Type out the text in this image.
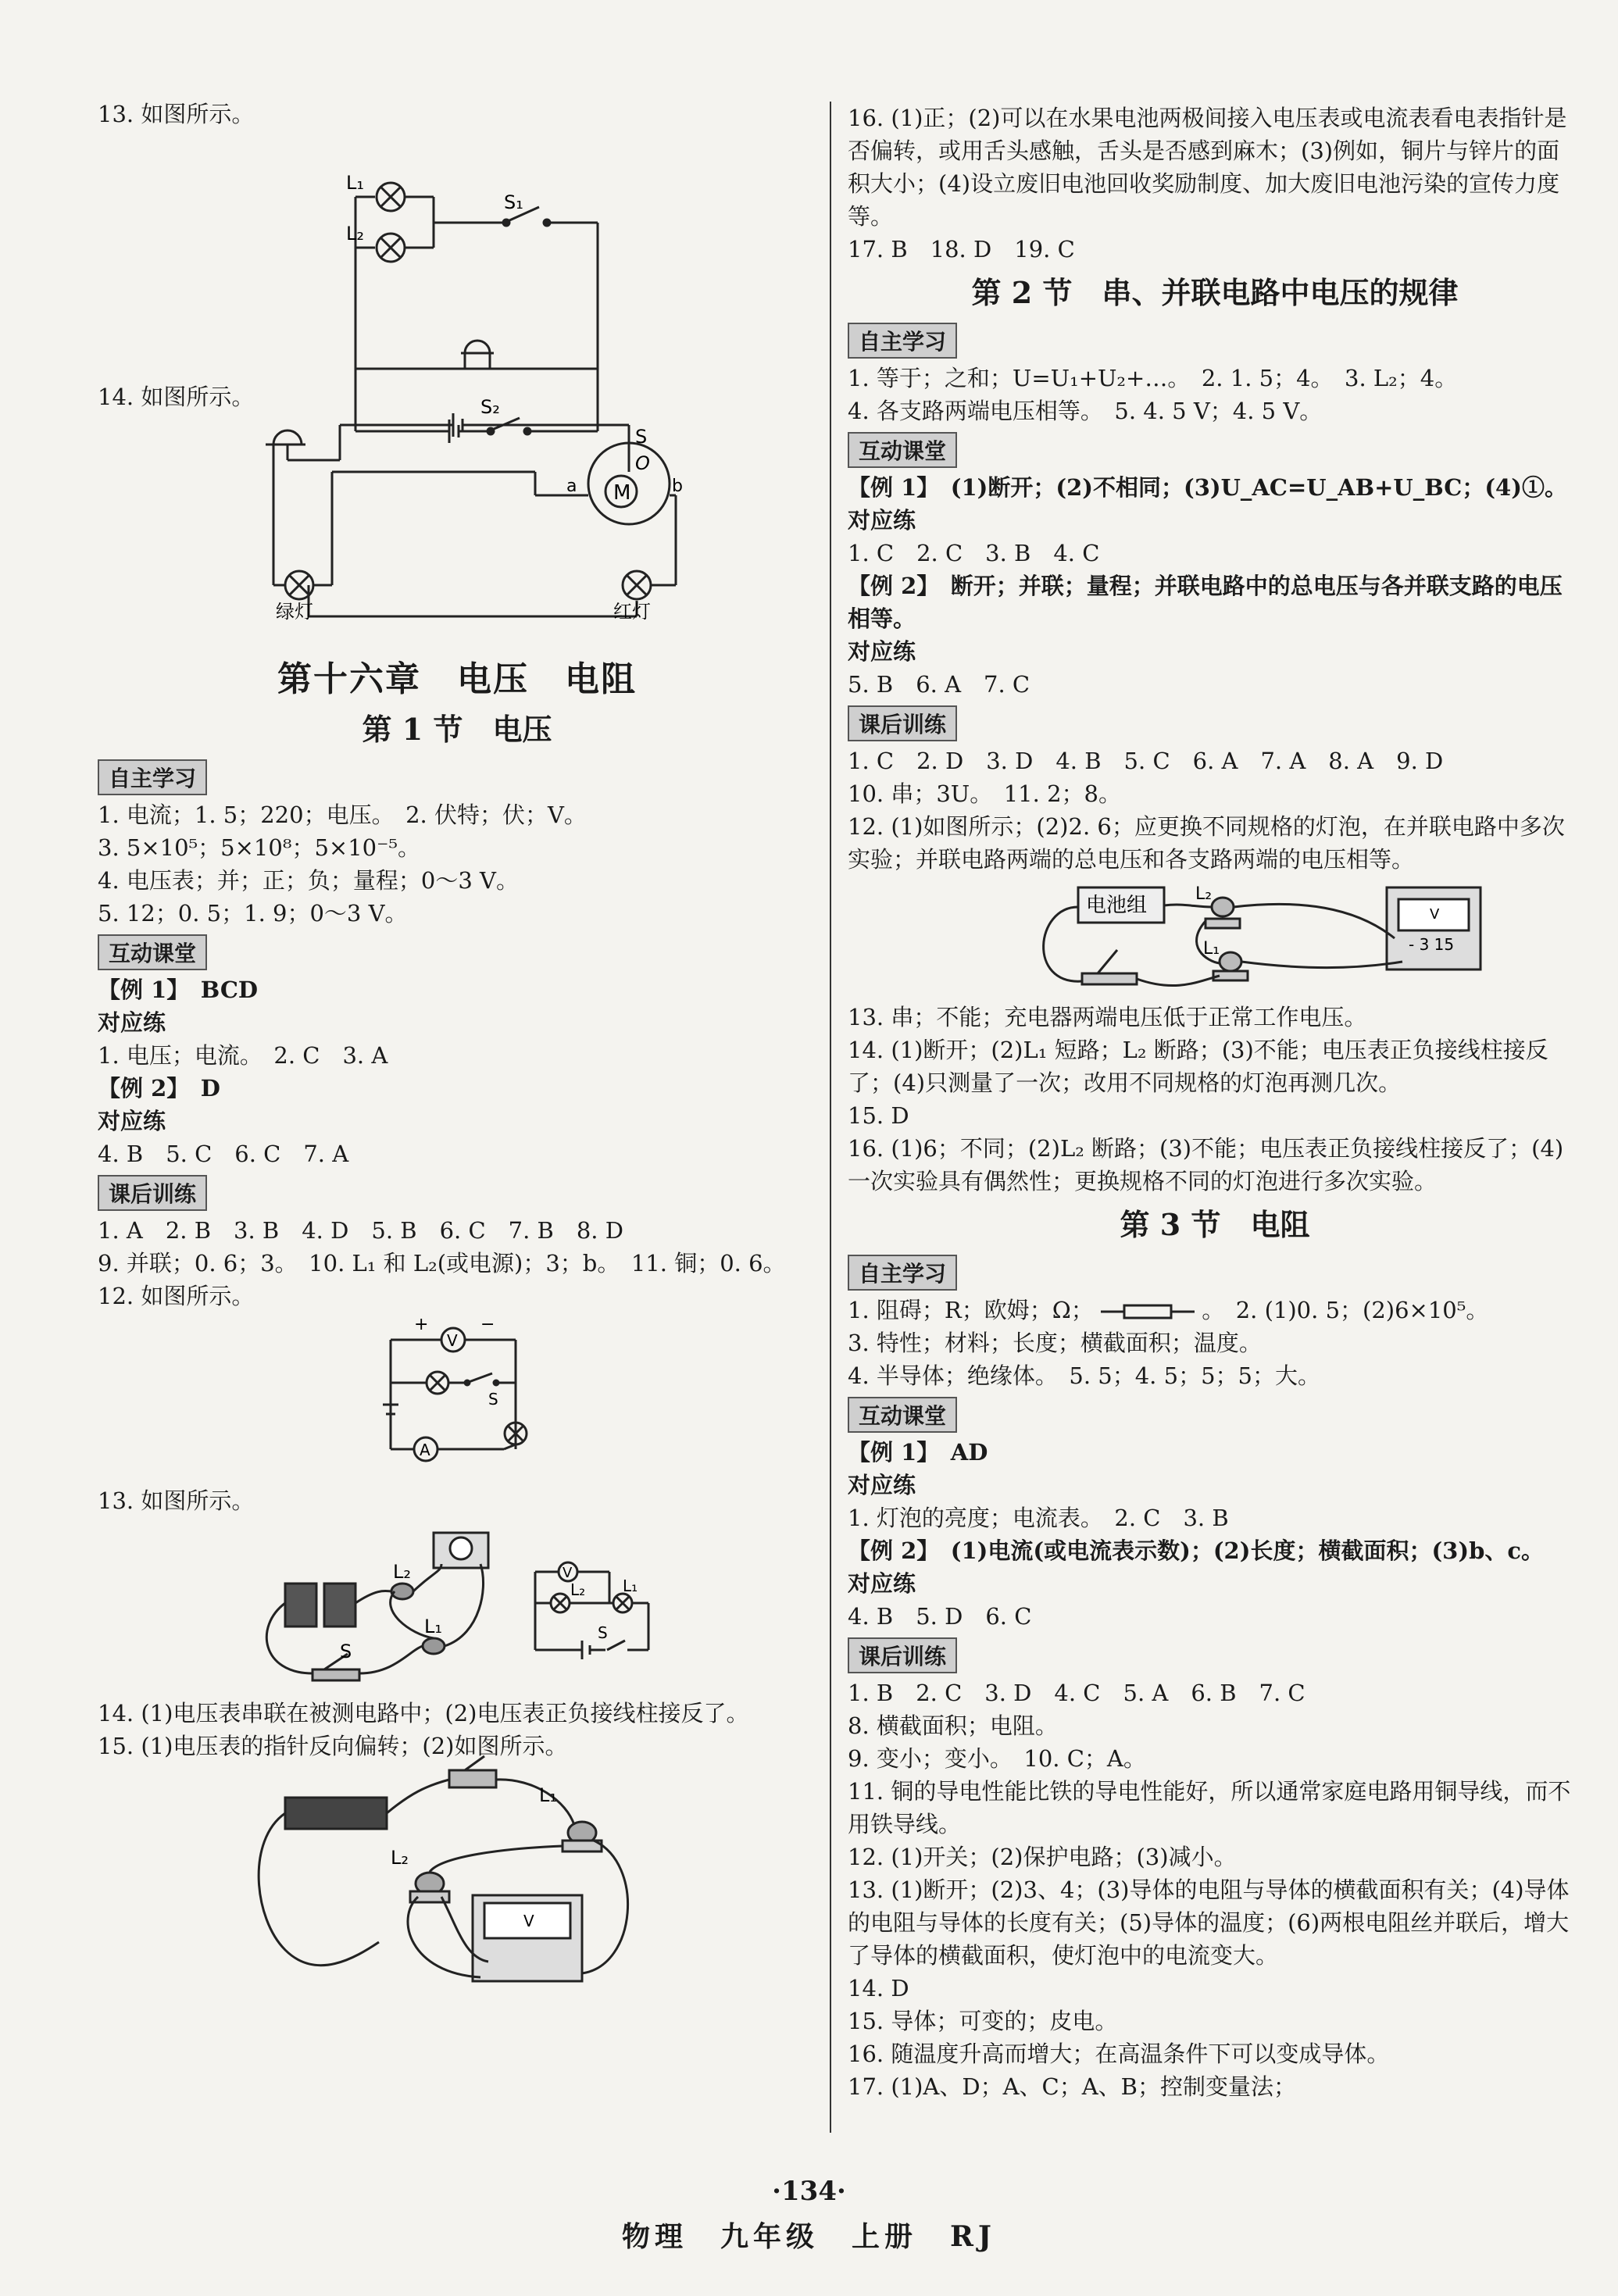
13. 如图所示。
L₁
L₂
S₁
S₂
14. 如图所示。
S
O
M
a	b
绿灯	红灯
第十六章　电压　电阻
第 1 节　电压
自主学习
1. 电流；1. 5；220；电压。　2. 伏特；伏；V。
3. 5×10⁵；5×10⁸；5×10⁻⁵。
4. 电压表；并；正；负；量程；0～3 V。
5. 12；0. 5；1. 9；0～3 V。
互动课堂
【例 1】　BCD
对应练
1. 电压；电流。　2. C　3. A
【例 2】　D
对应练
4. B　5. C　6. C　7. A
课后训练
1. A　2. B　3. B　4. D　5. B　6. C　7. B　8. D
9. 并联；0. 6；3。　10. L₁ 和 L₂(或电源)；3；b。　11. 铜；0. 6。
12. 如图所示。
V
A
S
+	−
13. 如图所示。
L₂
L₁
S
V
L₂ L₁
S
14. (1)电压表串联在被测电路中；(2)电压表正负接线柱接反了。
15. (1)电压表的指针反向偏转；(2)如图所示。
L₁
L₂
V
16. (1)正；(2)可以在水果电池两极间接入电压表或电流表看电表指针是否偏转，或用舌头感触，舌头是否感到麻木；(3)例如，铜片与锌片的面积大小；(4)设立废旧电池回收奖励制度、加大废旧电池污染的宣传力度等。
17. B　18. D　19. C
第 2 节　串、并联电路中电压的规律
自主学习
1. 等于；之和；U=U₁+U₂+…。　2. 1. 5；4。　3. L₂；4。
4. 各支路两端电压相等。　5. 4. 5 V；4. 5 V。
互动课堂
【例 1】　(1)断开；(2)不相同；(3)U_AC=U_AB+U_BC；(4)①。
对应练
1. C　2. C　3. B　4. C
【例 2】　断开；并联；量程；并联电路中的总电压与各并联支路的电压相等。
对应练
5. B　6. A　7. C
课后训练
1. C　2. D　3. D　4. B　5. C　6. A　7. A　8. A　9. D
10. 串；3U。　11. 2；8。
12. (1)如图所示；(2)2. 6；应更换不同规格的灯泡，在并联电路中多次实验；并联电路两端的总电压和各支路两端的电压相等。
电池组	L₂
L₁
V
- 3 15
13. 串；不能；充电器两端电压低于正常工作电压。
14. (1)断开；(2)L₁ 短路；L₂ 断路；(3)不能；电压表正负接线柱接反了；(4)只测量了一次；改用不同规格的灯泡再测几次。
15. D
16. (1)6；不同；(2)L₂ 断路；(3)不能；电压表正负接线柱接反了；(4)一次实验具有偶然性；更换规格不同的灯泡进行多次实验。
第 3 节　电阻
自主学习
1. 阻碍；R；欧姆；Ω；	。　2. (1)0. 5；(2)6×10⁵。
3. 特性；材料；长度；横截面积；温度。
4. 半导体；绝缘体。　5. 5；4. 5；5；5；大。
互动课堂
【例 1】　AD
对应练
1. 灯泡的亮度；电流表。　2. C　3. B
【例 2】　(1)电流(或电流表示数)；(2)长度；横截面积；(3)b、c。
对应练
4. B　5. D　6. C
课后训练
1. B　2. C　3. D　4. C　5. A　6. B　7. C
8. 横截面积；电阻。
9. 变小；变小。　10. C；A。
11. 铜的导电性能比铁的导电性能好，所以通常家庭电路用铜导线，而不用铁导线。
12. (1)开关；(2)保护电路；(3)减小。
13. (1)断开；(2)3、4；(3)导体的电阻与导体的横截面积有关；(4)导体的电阻与导体的长度有关；(5)导体的温度；(6)两根电阻丝并联后，增大了导体的横截面积，使灯泡中的电流变大。
14. D
15. 导体；可变的；皮电。
16. 随温度升高而增大；在高温条件下可以变成导体。
17. (1)A、D；A、C；A、B；控制变量法；
·134·
物理　九年级　上册　RJ
